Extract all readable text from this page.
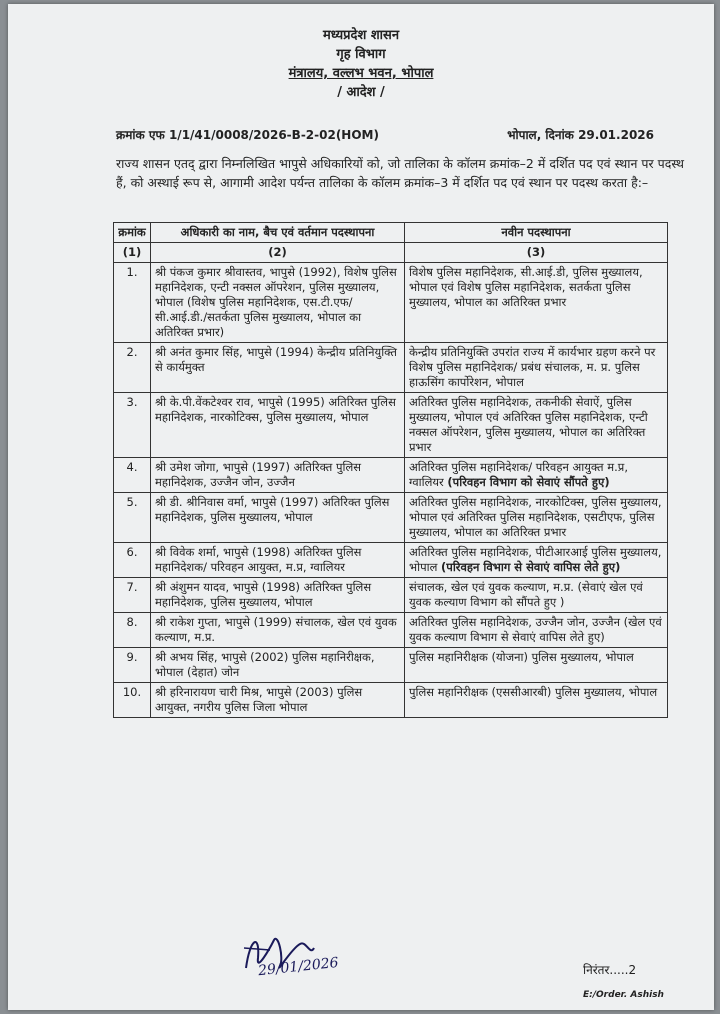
मध्यप्रदेश शासन
गृह विभाग
मंत्रालय, वल्लभ भवन, भोपाल
/ आदेश /
क्रमांक एफ 1/1/41/0008/2026-B-2-02(HOM)	भोपाल, दिनांक 29.01.2026
राज्य शासन एतद् द्वारा निम्नलिखित भापुसे अधिकारियों को, जो तालिका के कॉलम क्रमांक–2 में दर्शित पद एवं स्थान पर पदस्थ हैं, को अस्थाई रूप से, आगामी आदेश पर्यन्त तालिका के कॉलम क्रमांक–3 में दर्शित पद एवं स्थान पर पदस्थ करता है:–
क्रमांक	अधिकारी का नाम, बैच एवं वर्तमान पदस्थापना	नवीन पदस्थापना
(1)	(2)	(3)
1.	श्री पंकज कुमार श्रीवास्तव, भापुसे (1992), विशेष पुलिस महानिदेशक, एन्टी नक्सल ऑपरेशन, पुलिस मुख्यालय, भोपाल (विशेष पुलिस महानिदेशक, एस.टी.एफ/ सी.आई.डी./सतर्कता पुलिस मुख्यालय, भोपाल का अतिरिक्त प्रभार)	विशेष पुलिस महानिदेशक, सी.आई.डी, पुलिस मुख्यालय, भोपाल एवं विशेष पुलिस महानिदेशक, सतर्कता पुलिस मुख्यालय, भोपाल का अतिरिक्त प्रभार
2.	श्री अनंत कुमार सिंह, भापुसे (1994) केन्द्रीय प्रतिनियुक्ति से कार्यमुक्त	केन्द्रीय प्रतिनियुक्ति उपरांत राज्य में कार्यभार ग्रहण करने पर विशेष पुलिस महानिदेशक/ प्रबंध संचालक, म. प्र. पुलिस हाऊसिंग कार्पोरेशन, भोपाल
3.	श्री के.पी.वेंकटेश्वर राव, भापुसे (1995) अतिरिक्त पुलिस महानिदेशक, नारकोटिक्स, पुलिस मुख्यालय, भोपाल	अतिरिक्त पुलिस महानिदेशक, तकनीकी सेवाऐं, पुलिस मुख्यालय, भोपाल एवं अतिरिक्त पुलिस महानिदेशक, एन्टी नक्सल ऑपरेशन, पुलिस मुख्यालय, भोपाल का अतिरिक्त प्रभार
4.	श्री उमेश जोगा, भापुसे (1997) अतिरिक्त पुलिस महानिदेशक, उज्जैन जोन, उज्जैन	अतिरिक्त पुलिस महानिदेशक/ परिवहन आयुक्त म.प्र, ग्वालियर (परिवहन विभाग को सेवाएं सौंपते हुए)
5.	श्री डी. श्रीनिवास वर्मा, भापुसे (1997) अतिरिक्त पुलिस महानिदेशक, पुलिस मुख्यालय, भोपाल	अतिरिक्त पुलिस महानिदेशक, नारकोटिक्स, पुलिस मुख्यालय, भोपाल एवं अतिरिक्त पुलिस महानिदेशक, एसटीएफ, पुलिस मुख्यालय, भोपाल का अतिरिक्त प्रभार
6.	श्री विवेक शर्मा, भापुसे (1998) अतिरिक्त पुलिस महानिदेशक/ परिवहन आयुक्त, म.प्र, ग्वालियर	अतिरिक्त पुलिस महानिदेशक, पीटीआरआई पुलिस मुख्यालय, भोपाल (परिवहन विभाग से सेवाएं वापिस लेते हुए)
7.	श्री अंशुमन यादव, भापुसे (1998) अतिरिक्त पुलिस महानिदेशक, पुलिस मुख्यालय, भोपाल	संचालक, खेल एवं युवक कल्याण, म.प्र. (सेवाएं खेल एवं युवक कल्याण विभाग को सौंपते हुए )
8.	श्री राकेश गुप्ता, भापुसे (1999) संचालक, खेल एवं युवक कल्याण, म.प्र.	अतिरिक्त पुलिस महानिदेशक, उज्जैन जोन, उज्जैन (खेल एवं युवक कल्याण विभाग से सेवाएं वापिस लेते हुए)
9.	श्री अभय सिंह, भापुसे (2002) पुलिस महानिरीक्षक, भोपाल (देहात) जोन	पुलिस महानिरीक्षक (योजना) पुलिस मुख्यालय, भोपाल
10.	श्री हरिनारायण चारी मिश्र, भापुसे (2003) पुलिस आयुक्त, नगरीय पुलिस जिला भोपाल	पुलिस महानिरीक्षक (एससीआरबी) पुलिस मुख्यालय, भोपाल
29/01/2026	निरंतर.....2
E:/Order. Ashish
